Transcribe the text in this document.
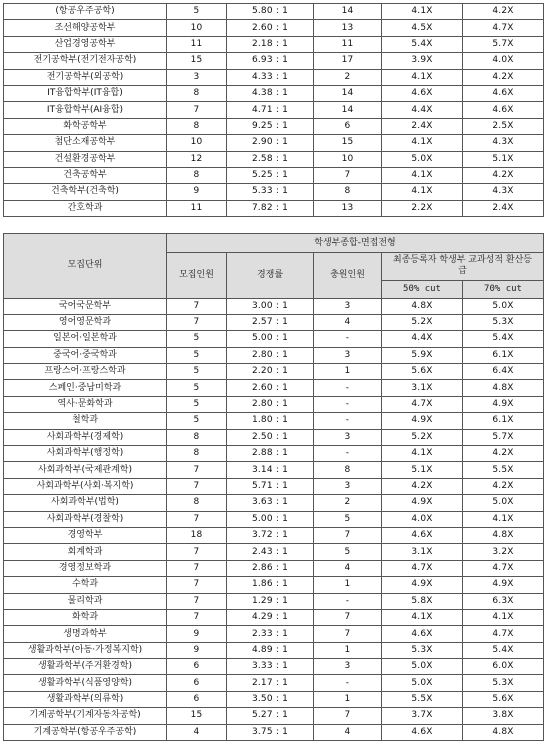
(항공우주공학)	5	5.80 : 1	14	4.1X	4.2X
조선해양공학부	10	2.60 : 1	13	4.5X	4.7X
산업경영공학부	11	2.18 : 1	11	5.4X	5.7X
전기공학부(전기전자공학)	15	6.93 : 1	17	3.9X	4.0X
전기공학부(외공학)	3	4.33 : 1	2	4.1X	4.2X
IT융합학부(IT융합)	8	4.38 : 1	14	4.6X	4.6X
IT융합학부(AI융합)	7	4.71 : 1	14	4.4X	4.6X
화학공학부	8	9.25 : 1	6	2.4X	2.5X
첨단소재공학부	10	2.90 : 1	15	4.1X	4.3X
건설환경공학부	12	2.58 : 1	10	5.0X	5.1X
건축공학부	8	5.25 : 1	7	4.1X	4.2X
건축학부(건축학)	9	5.33 : 1	8	4.1X	4.3X
간호학과	11	7.82 : 1	13	2.2X	2.4X
모집단위	학생부종합-면접전형				
	모집인원	경쟁률	충원인원	최종등록자 학생부 교과성적 환산등급	
				50% cut	70% cut
국어국문학부	7	3.00 : 1	3	4.8X	5.0X
영어영문학과	7	2.57 : 1	4	5.2X	5.3X
일본어·일본학과	5	5.00 : 1	-	4.4X	5.4X
중국어·중국학과	5	2.80 : 1	3	5.9X	6.1X
프랑스어·프랑스학과	5	2.20 : 1	1	5.6X	6.4X
스페인·중남미학과	5	2.60 : 1	-	3.1X	4.8X
역사·문화학과	5	2.80 : 1	-	4.7X	4.9X
철학과	5	1.80 : 1	-	4.9X	6.1X
사회과학부(경제학)	8	2.50 : 1	3	5.2X	5.7X
사회과학부(행정학)	8	2.88 : 1	-	4.1X	4.2X
사회과학부(국제관계학)	7	3.14 : 1	8	5.1X	5.5X
사회과학부(사회·복지학)	7	5.71 : 1	3	4.2X	4.2X
사회과학부(법학)	8	3.63 : 1	2	4.9X	5.0X
사회과학부(경찰학)	7	5.00 : 1	5	4.0X	4.1X
경영학부	18	3.72 : 1	7	4.6X	4.8X
회계학과	7	2.43 : 1	5	3.1X	3.2X
경영정보학과	7	2.86 : 1	4	4.7X	4.7X
수학과	7	1.86 : 1	1	4.9X	4.9X
물리학과	7	1.29 : 1	-	5.8X	6.3X
화학과	7	4.29 : 1	7	4.1X	4.1X
생명과학부	9	2.33 : 1	7	4.6X	4.7X
생활과학부(아동·가정복지학)	9	4.89 : 1	1	5.3X	5.4X
생활과학부(주거환경학)	6	3.33 : 1	3	5.0X	6.0X
생활과학부(식품영양학)	6	2.17 : 1	-	5.0X	5.3X
생활과학부(의류학)	6	3.50 : 1	1	5.5X	5.6X
기계공학부(기계자동차공학)	15	5.27 : 1	7	3.7X	3.8X
기계공학부(항공우주공학)	4	3.75 : 1	4	4.6X	4.8X
